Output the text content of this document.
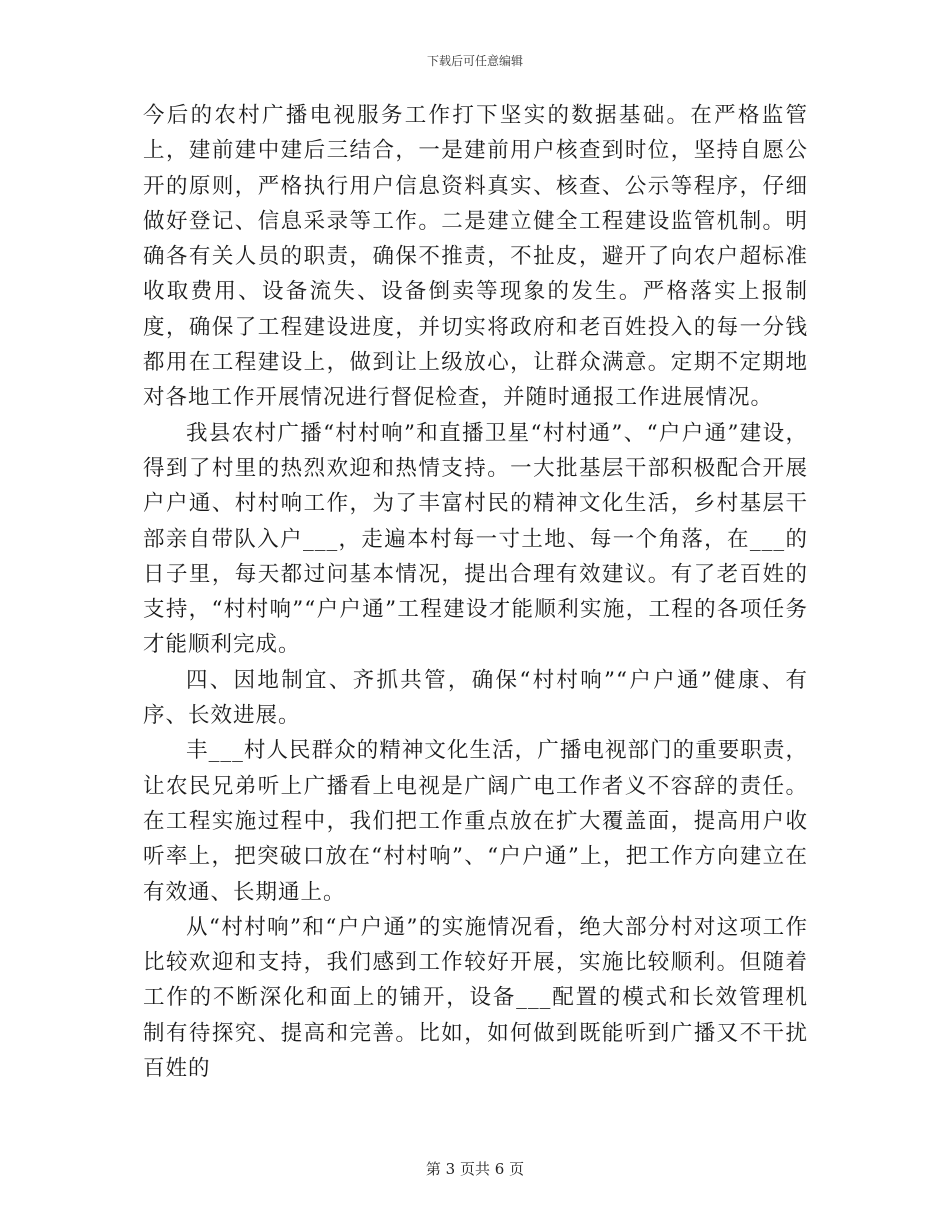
下载后可任意编辑

今后的农村广播电视服务工作打下坚实的数据基础。在严格监管上，建前建中建后三结合，一是建前用户核查到时位，坚持自愿公开的原则，严格执行用户信息资料真实、核查、公示等程序，仔细做好登记、信息采录等工作。二是建立健全工程建设监管机制。明确各有关人员的职责，确保不推责，不扯皮，避开了向农户超标准收取费用、设备流失、设备倒卖等现象的发生。严格落实上报制度，确保了工程建设进度，并切实将政府和老百姓投入的每一分钱都用在工程建设上，做到让上级放心，让群众满意。定期不定期地对各地工作开展情况进行督促检查，并随时通报工作进展情况。

我县农村广播“村村响”和直播卫星“村村通”、“户户通”建设，得到了村里的热烈欢迎和热情支持。一大批基层干部积极配合开展户户通、村村响工作，为了丰富村民的精神文化生活，乡村基层干部亲自带队入户___，走遍本村每一寸土地、每一个角落，在___的日子里，每天都过问基本情况，提出合理有效建议。有了老百姓的支持，“村村响”“户户通”工程建设才能顺利实施，工程的各项任务才能顺利完成。

四、因地制宜、齐抓共管，确保“村村响”“户户通”健康、有序、长效进展。

丰___村人民群众的精神文化生活，广播电视部门的重要职责，让农民兄弟听上广播看上电视是广阔广电工作者义不容辞的责任。在工程实施过程中，我们把工作重点放在扩大覆盖面，提高用户收听率上，把突破口放在“村村响”、“户户通”上，把工作方向建立在有效通、长期通上。

从“村村响”和“户户通”的实施情况看，绝大部分村对这项工作比较欢迎和支持，我们感到工作较好开展，实施比较顺利。但随着工作的不断深化和面上的铺开，设备___配置的模式和长效管理机制有待探究、提高和完善。比如，如何做到既能听到广播又不干扰百姓的

第 3 页共 6 页
